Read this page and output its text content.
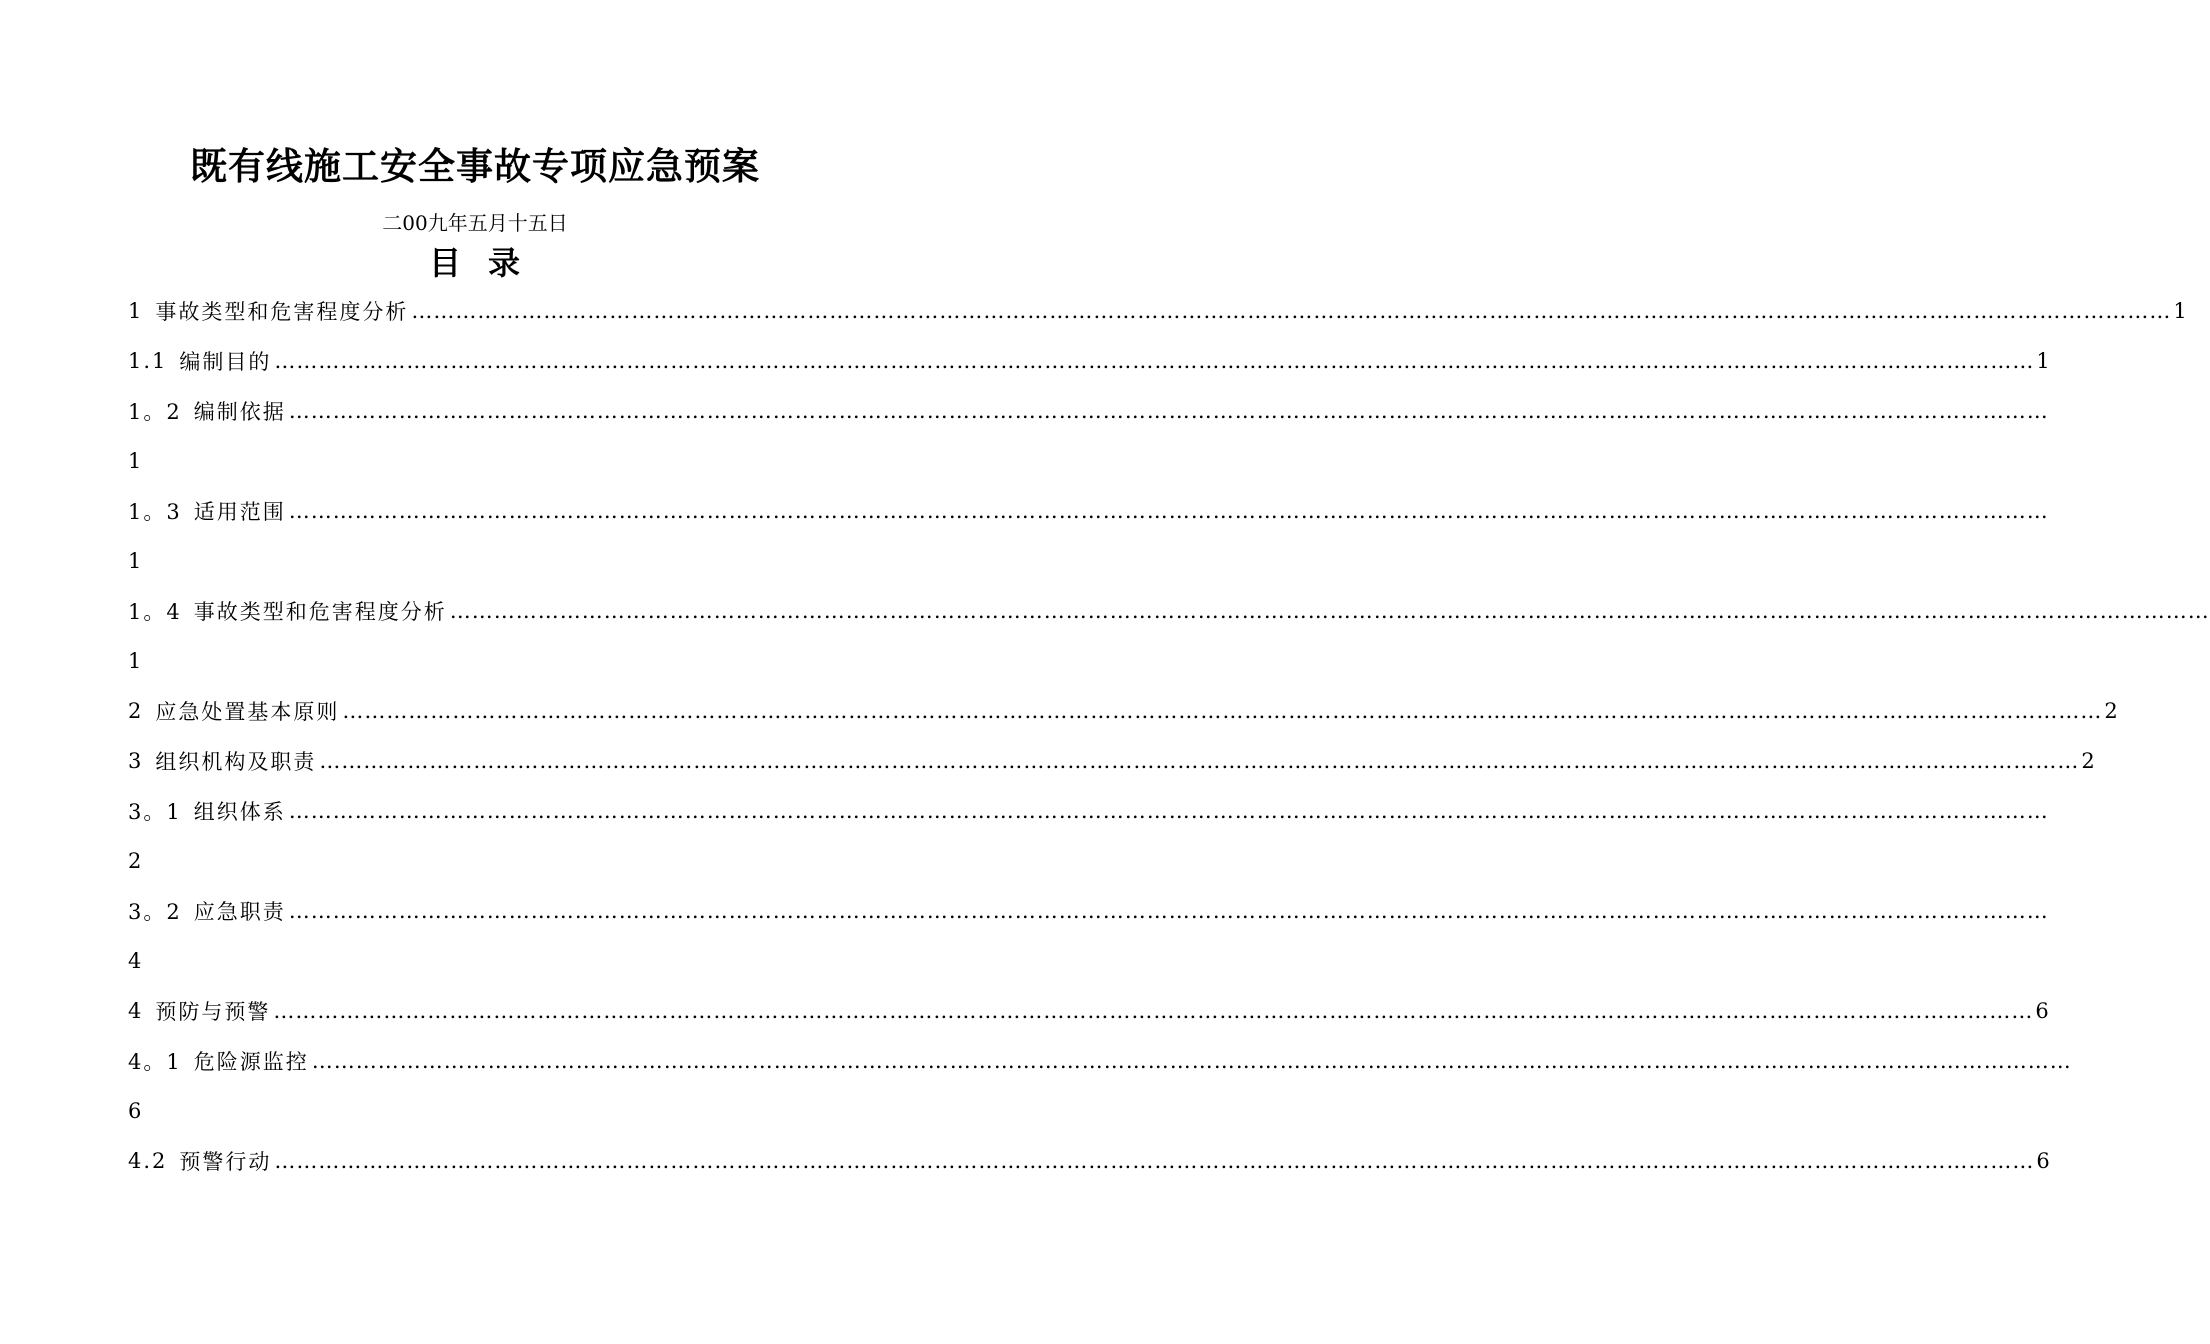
既有线施工安全事故专项应急预案
二00九年五月十五日
目 录
1 事故类型和危害程度分析 …………………………………………………………………………………………………………………………………………………………………………………………………………………… 1
1.1 编制目的 …………………………………………………………………………………………………………………………………………………………………………………………………………………… 1
1。2 编制依据 ……………………………………………………………………………………………………………………………………………………………………………………………………………………
1
1。3 适用范围 ……………………………………………………………………………………………………………………………………………………………………………………………………………………
1
1。4 事故类型和危害程度分析 ……………………………………………………………………………………………………………………………………………………………………………………………………………………
1
2 应急处置基本原则 …………………………………………………………………………………………………………………………………………………………………………………………………………………… 2
3 组织机构及职责 …………………………………………………………………………………………………………………………………………………………………………………………………………………… 2
3。1 组织体系 ……………………………………………………………………………………………………………………………………………………………………………………………………………………
2
3。2 应急职责 ……………………………………………………………………………………………………………………………………………………………………………………………………………………
4
4 预防与预警 …………………………………………………………………………………………………………………………………………………………………………………………………………………… 6
4。1 危险源监控 ……………………………………………………………………………………………………………………………………………………………………………………………………………………
6
4.2 预警行动 …………………………………………………………………………………………………………………………………………………………………………………………………………………… 6
